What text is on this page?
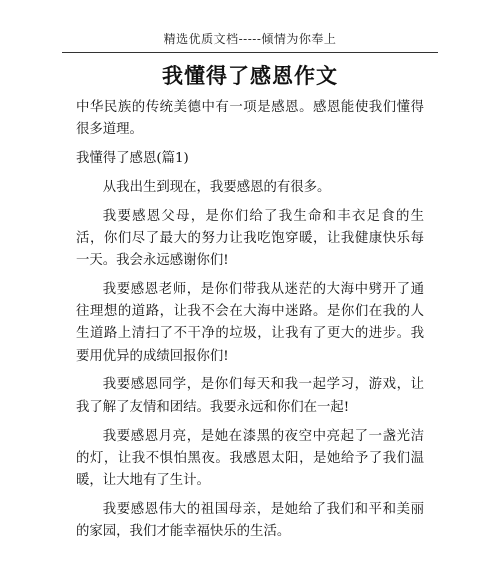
精选优质文档-----倾情为你奉上
我懂得了感恩作文

中华民族的传统美德中有一项是感恩。感恩能使我们懂得很多道理。

我懂得了感恩(篇1)

从我出生到现在，我要感恩的有很多。

我要感恩父母，是你们给了我生命和丰衣足食的生活，你们尽了最大的努力让我吃饱穿暖，让我健康快乐每一天。我会永远感谢你们!

我要感恩老师，是你们带我从迷茫的大海中劈开了通往理想的道路，让我不会在大海中迷路。是你们在我的人生道路上清扫了不干净的垃圾，让我有了更大的进步。我要用优异的成绩回报你们!

我要感恩同学，是你们每天和我一起学习，游戏，让我了解了友情和团结。我要永远和你们在一起!

我要感恩月亮，是她在漆黑的夜空中亮起了一盏光洁的灯，让我不惧怕黑夜。我感恩太阳，是她给予了我们温暖，让大地有了生计。

我要感恩伟大的祖国母亲，是她给了我们和平和美丽的家园，我们才能幸福快乐的生活。
